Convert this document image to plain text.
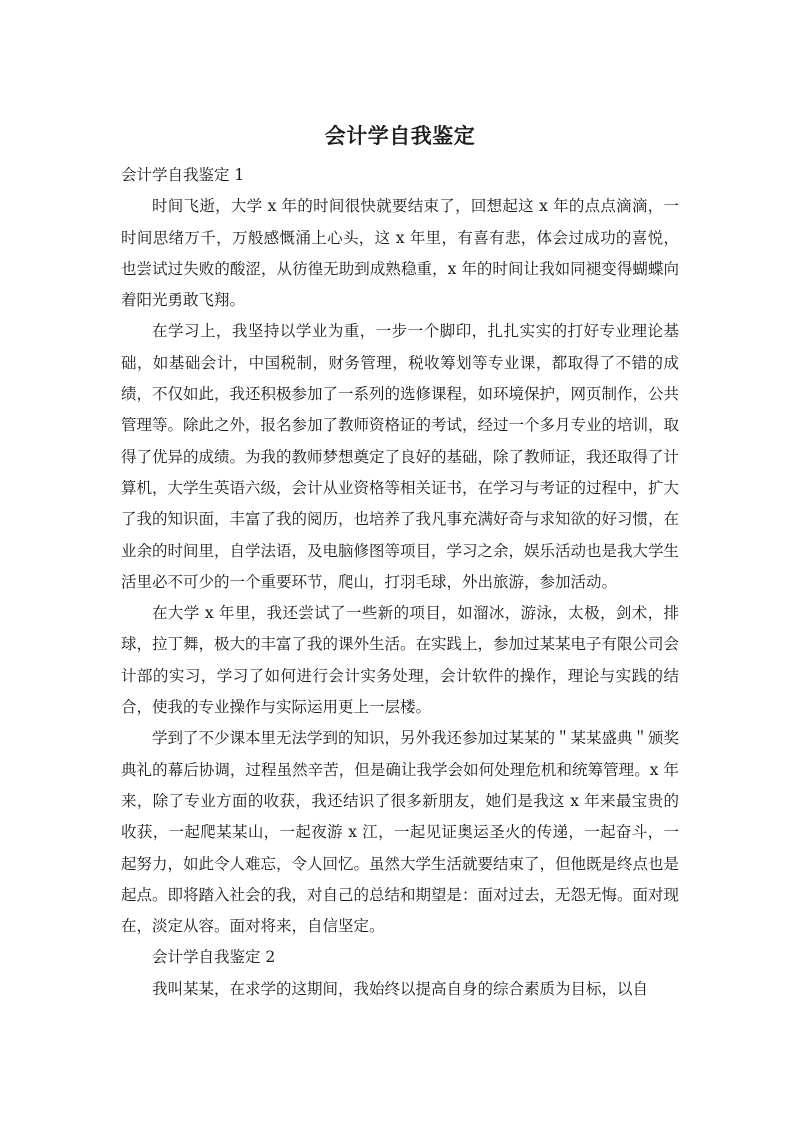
会计学自我鉴定

会计学自我鉴定 1

时间飞逝，大学 x 年的时间很快就要结束了，回想起这 x 年的点点滴滴，一时间思绪万千，万般感慨涌上心头，这 x 年里，有喜有悲，体会过成功的喜悦，也尝试过失败的酸涩，从彷徨无助到成熟稳重，x 年的时间让我如同褪变得蝴蝶向着阳光勇敢飞翔。

在学习上，我坚持以学业为重，一步一个脚印，扎扎实实的打好专业理论基础，如基础会计，中国税制，财务管理，税收筹划等专业课，都取得了不错的成绩，不仅如此，我还积极参加了一系列的选修课程，如环境保护，网页制作，公共管理等。除此之外，报名参加了教师资格证的考试，经过一个多月专业的培训，取得了优异的成绩。为我的教师梦想奠定了良好的基础，除了教师证，我还取得了计算机，大学生英语六级，会计从业资格等相关证书，在学习与考证的过程中，扩大了我的知识面，丰富了我的阅历，也培养了我凡事充满好奇与求知欲的好习惯，在业余的时间里，自学法语，及电脑修图等项目，学习之余，娱乐活动也是我大学生活里必不可少的一个重要环节，爬山，打羽毛球，外出旅游，参加活动。

在大学 x 年里，我还尝试了一些新的项目，如溜冰，游泳，太极，剑术，排球，拉丁舞，极大的丰富了我的课外生活。在实践上，参加过某某电子有限公司会计部的实习，学习了如何进行会计实务处理，会计软件的操作，理论与实践的结合，使我的专业操作与实际运用更上一层楼。

学到了不少课本里无法学到的知识，另外我还参加过某某的＂某某盛典＂颁奖典礼的幕后协调，过程虽然辛苦，但是确让我学会如何处理危机和统筹管理。x 年来，除了专业方面的收获，我还结识了很多新朋友，她们是我这 x 年来最宝贵的收获，一起爬某某山，一起夜游 x 江，一起见证奥运圣火的传递，一起奋斗，一起努力，如此令人难忘，令人回忆。虽然大学生活就要结束了，但他既是终点也是起点。即将踏入社会的我，对自己的总结和期望是：面对过去，无怨无悔。面对现在，淡定从容。面对将来，自信坚定。

会计学自我鉴定 2

我叫某某，在求学的这期间，我始终以提高自身的综合素质为目标，以自
